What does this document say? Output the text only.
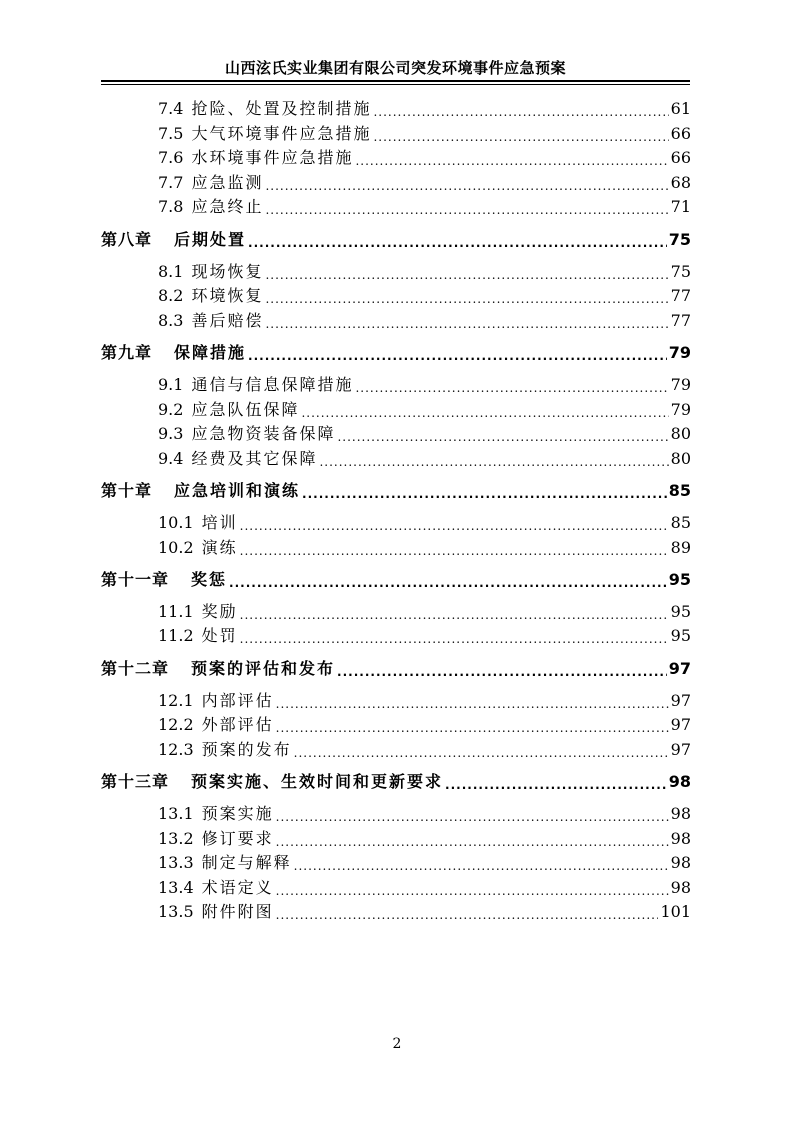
山西泫氏实业集团有限公司突发环境事件应急预案
7.4 抢险、处置及控制措施 .....	61
7.5 大气环境事件应急措施 .....	66
7.6 水环境事件应急措施 .....	66
7.7 应急监测 .....	68
7.8 应急终止 .....	71
第八章 后期处置 .....	75
8.1 现场恢复 .....	75
8.2 环境恢复 .....	77
8.3 善后赔偿 .....	77
第九章 保障措施 .....	79
9.1 通信与信息保障措施 .....	79
9.2 应急队伍保障 .....	79
9.3 应急物资装备保障 .....	80
9.4 经费及其它保障 .....	80
第十章 应急培训和演练 .....	85
10.1 培训 .....	85
10.2 演练 .....	89
第十一章 奖惩 .....	95
11.1 奖励 .....	95
11.2 处罚 .....	95
第十二章 预案的评估和发布 .....	97
12.1 内部评估 .....	97
12.2 外部评估 .....	97
12.3 预案的发布 .....	97
第十三章 预案实施、生效时间和更新要求 .....	98
13.1 预案实施 .....	98
13.2 修订要求 .....	98
13.3 制定与解释 .....	98
13.4 术语定义 .....	98
13.5 附件附图 .....	101
2
